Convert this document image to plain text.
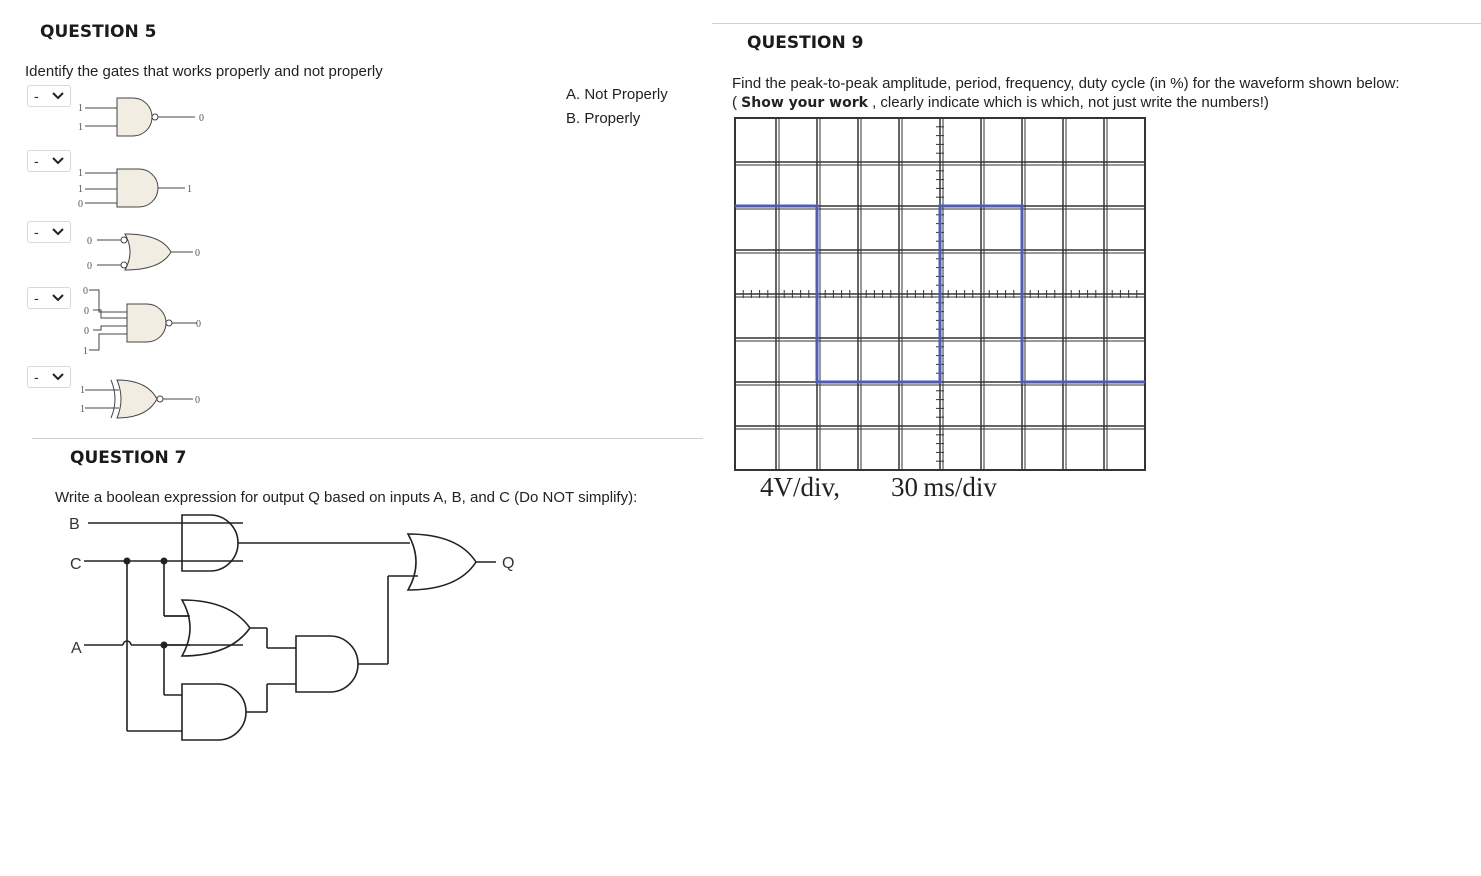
QUESTION 5
Identify the gates that works properly and not properly
A. Not Properly
B. Properly
-
-
-
-
-
1
1
0
1
1
0
1
0
0
0
0
0
0
1
0
1
1
0
QUESTION 7
Write a boolean expression for output Q based on inputs A, B, and C (Do NOT simplify):
B
C
A
Q
QUESTION 9
Find the peak-to-peak amplitude, period, frequency, duty cycle (in %) for the waveform shown below:
( Show your work , clearly indicate which is which, not just write the numbers!)
4V/div, 30 ms/div
